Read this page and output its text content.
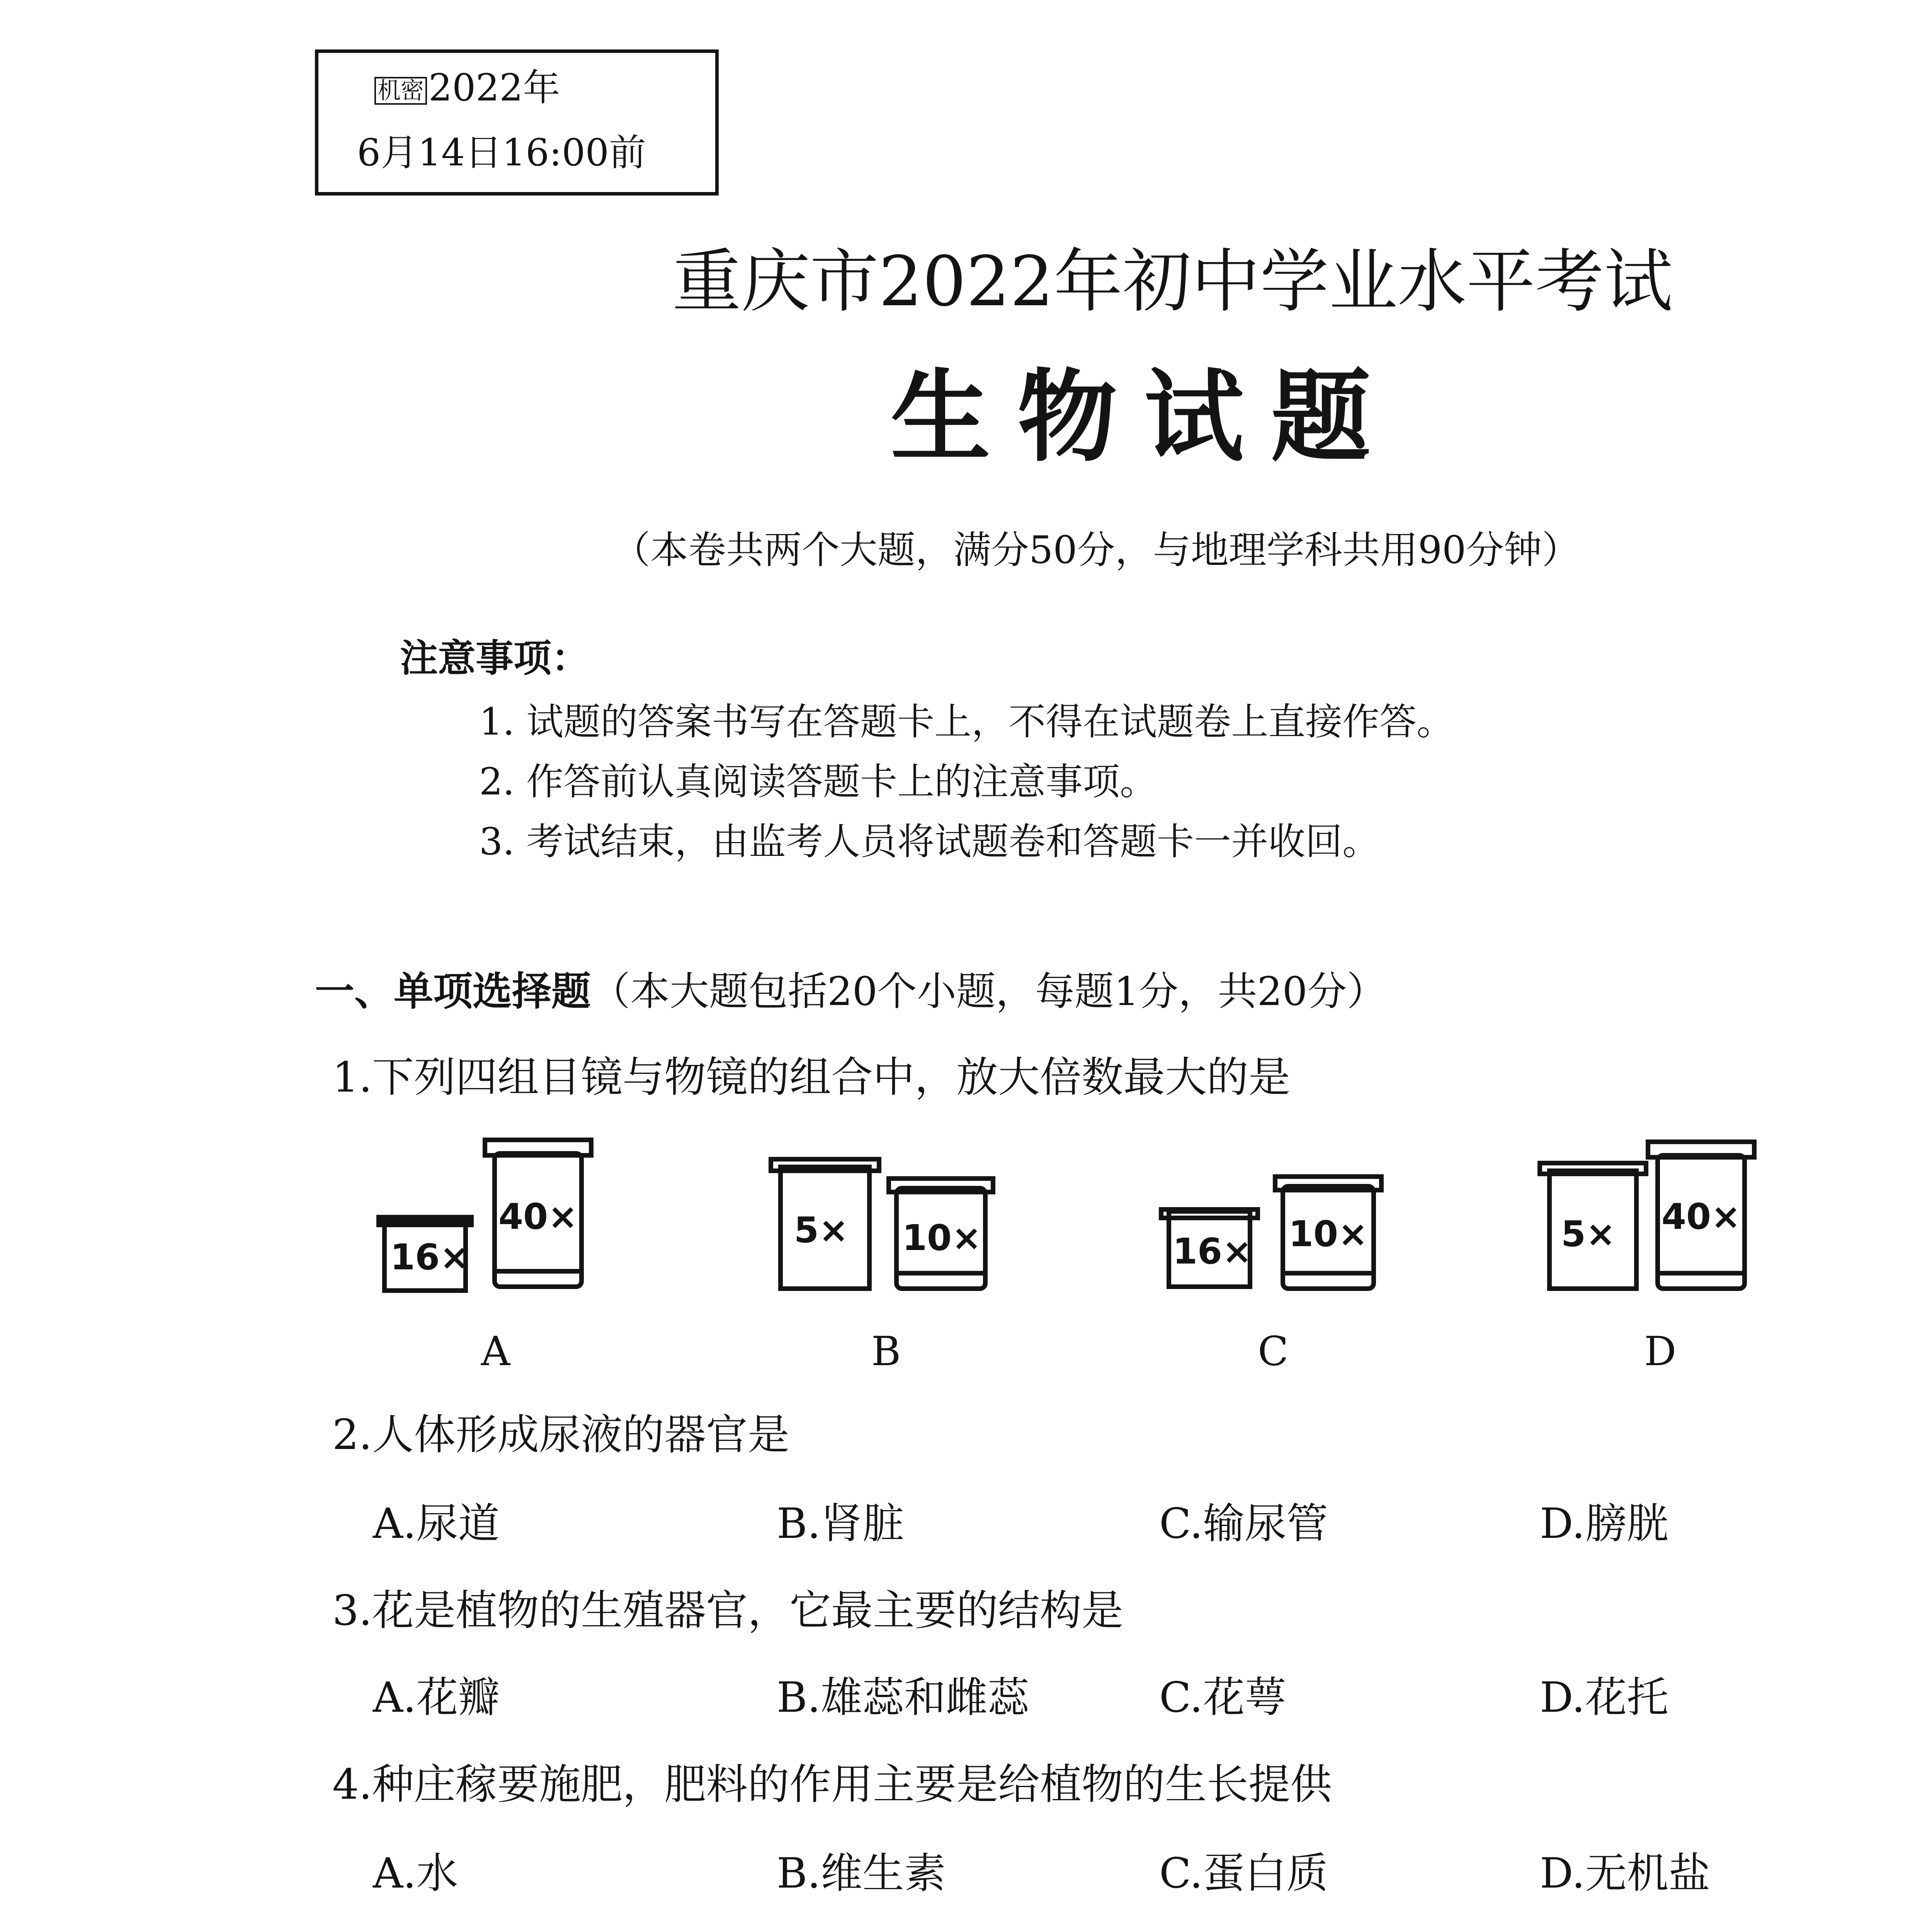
机密 2022年
6月14日16:00前
重庆市2022年初中学业水平考试
生物试题
（本卷共两个大题，满分50分，与地理学科共用90分钟）
注意事项：
1. 试题的答案书写在答题卡上，不得在试题卷上直接作答。
2. 作答前认真阅读答题卡上的注意事项。
3. 考试结束，由监考人员将试题卷和答题卡一并收回。
一、单项选择题（本大题包括20个小题，每题1分，共20分）
1.下列四组目镜与物镜的组合中，放大倍数最大的是
16×
40×	5× 10×	16× 10×	5× 40×
A	B	C	D
2.人体形成尿液的器官是
A.尿道	B.肾脏	C.输尿管	D.膀胱
3.花是植物的生殖器官，它最主要的结构是
A.花瓣	B.雄蕊和雌蕊	C.花萼	D.花托
4.种庄稼要施肥，肥料的作用主要是给植物的生长提供
A.水	B.维生素	C.蛋白质	D.无机盐
